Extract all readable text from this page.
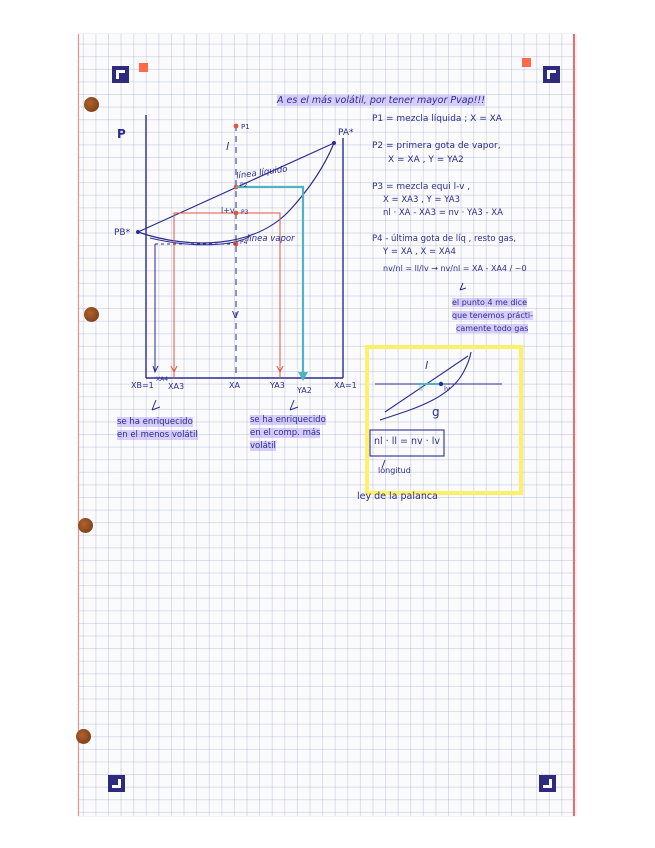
A es el más volátil, por tener mayor Pvap!!!
P	PA*
PB*
XB=1
XA4
XA3	XA	YA3
YA2
XA=1
P1
l
línea líquido
P2
l+v P3
P4 línea vapor
V
P1 = mezcla líquida ; X = XA
P2 = primera gota de vapor,
X = XA , Y = YA2
P3 = mezcla equi l-v ,
X = XA3 , Y = YA3
nl · XA - XA3 = nv · YA3 - XA
P4 - última gota de líq , resto gas,
Y = XA , X = XA4
nv/nl = ll/lv → nv/nl = XA - XA4 / ~0
el punto 4 me dice
que tenemos prácti-
camente todo gas
se ha enriquecido
en el menos volátil
se ha enriquecido
en el comp. más
volátil
l
ll	lv
g
nl · ll = nv · lv
longitud
ley de la palanca
